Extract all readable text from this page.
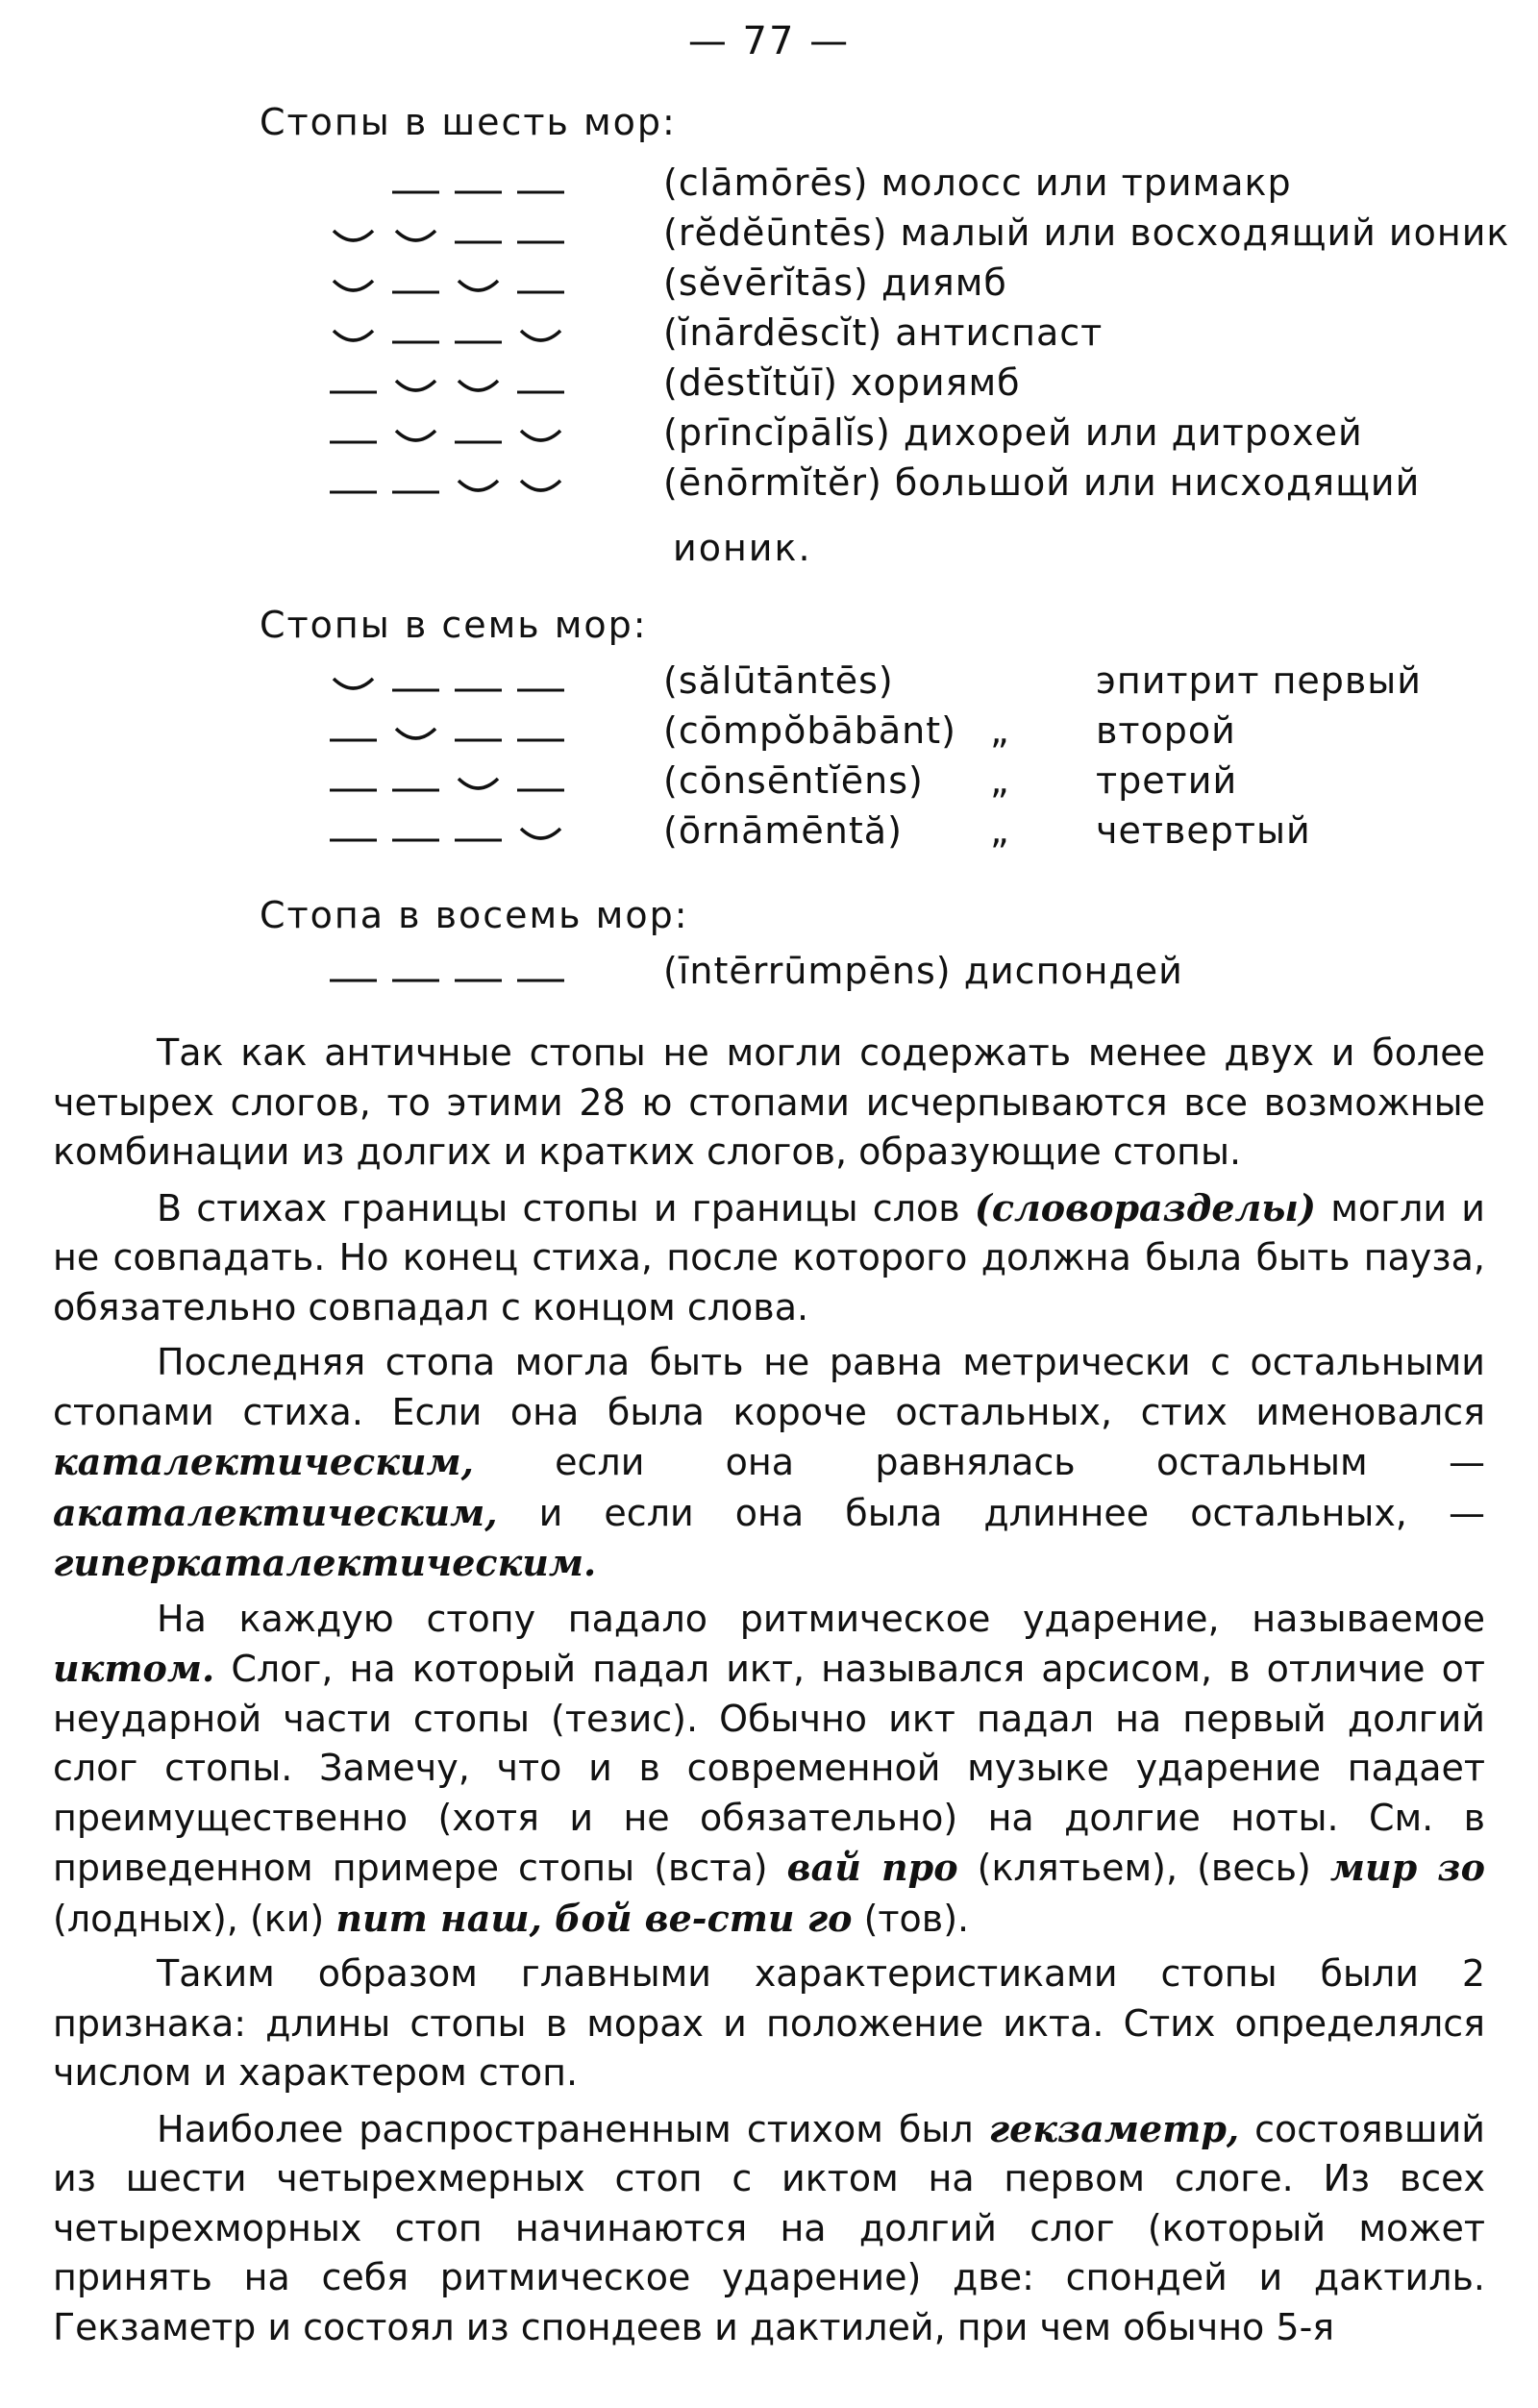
— 77 —
Стопы в шесть мор:
(clāmōrēs) молосс или тримакр
(rĕdĕūntēs) малый или восходящий ионик
(sĕvērĭtās) диямб
(ĭnārdēscĭt) антиспаст
(dēstĭtŭī) хориямб
(prīncĭpālĭs) дихорей или дитрохей
(ēnōrmĭtĕr) большой или нисходящий
ионик.
Стопы в семь мор:
(sălūtāntēs)	эпитрит первый
(cōmpŏbābānt) „ второй
(cōnsēntĭēns) „ третий
(ōrnāmēntă) „ четвертый
Стопа в восемь мор:
(īntērrūmpēns) диспондей

Так как античные стопы не могли содержать менее двух и более четырех слогов, то этими 28 ю стопами исчерпываются все возможные комбинации из долгих и кратких слогов, образующие стопы.

В стихах границы стопы и границы слов (словоразделы) могли и не совпадать. Но конец стиха, после которого должна была быть пауза, обязательно совпадал с концом слова.

Последняя стопа могла быть не равна метрически с остальными стопами стиха. Если она была короче остальных, стих именовался каталектическим, если она равнялась остальным —акаталектическим, и если она была длиннее остальных, — гиперкаталектическим.

На каждую стопу падало ритмическое ударение, называемое иктом. Слог, на который падал икт, назывался арсисом, в отличие от неударной части стопы (тезис). Обычно икт падал на первый долгий слог стопы. Замечу, что и в современной музыке ударение падает преимущественно (хотя и не обязательно) на долгие ноты. См. в приведенном примере стопы (вста) вай про (клятьем), (весь) мир зо (лодных), (ки) пит наш, бой ве-сти го (тов).

Таким образом главными характеристиками стопы были 2 признака: длины стопы в морах и положение икта. Стих определялся числом и характером стоп.

Наиболее распространенным стихом был гекзаметр, состоявший из шести четырехмерных стоп с иктом на первом слоге. Из всех четырехморных стоп начинаются на долгий слог (который может принять на себя ритмическое ударение) две: спондей и дактиль. Гекзаметр и состоял из спондеев и дактилей, при чем обычно 5-я
